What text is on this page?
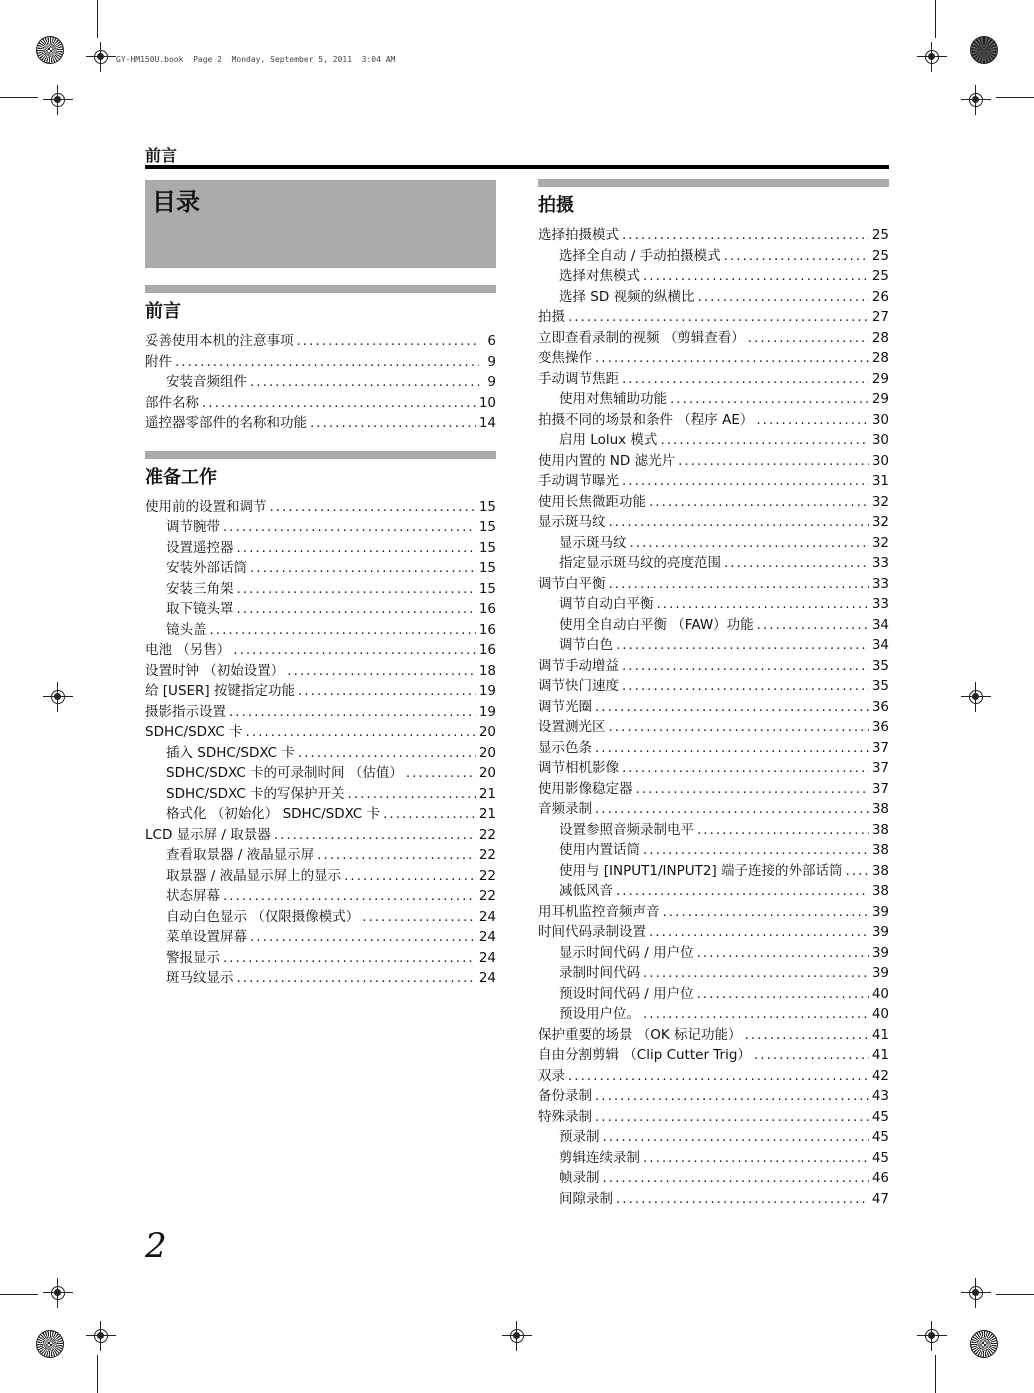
GY-HM150U.book  Page 2  Monday, September 5, 2011  3:04 AM
前言
目录
前言
妥善使用本机的注意事项 .....	6
附件 .....	9
安装音频组件 .....	9
部件名称 .....	10
遥控器零部件的名称和功能 .....	14
准备工作
使用前的设置和调节 .....	15
调节腕带 .....	15
设置遥控器 .....	15
安装外部话筒 .....	15
安装三角架 .....	15
取下镜头罩 .....	16
镜头盖 .....	16
电池 （另售） .....	16
设置时钟 （初始设置） .....	18
给 [USER] 按键指定功能 .....	19
摄影指示设置 .....	19
SDHC/SDXC 卡 .....	20
插入 SDHC/SDXC 卡 .....	20
SDHC/SDXC 卡的可录制时间 （估值） .....	20
SDHC/SDXC 卡的写保护开关 .....	21
格式化 （初始化） SDHC/SDXC 卡 .....	21
LCD 显示屏 / 取景器 .....	22
查看取景器 / 液晶显示屏 .....	22
取景器 / 液晶显示屏上的显示 .....	22
状态屏幕 .....	22
自动白色显示 （仅限摄像模式） .....	24
菜单设置屏幕 .....	24
警报显示 .....	24
斑马纹显示 .....	24
拍摄
选择拍摄模式 .....	25
选择全自动 / 手动拍摄模式 .....	25
选择对焦模式 .....	25
选择 SD 视频的纵横比 .....	26
拍摄 .....	27
立即查看录制的视频 （剪辑查看） .....	28
变焦操作 .....	28
手动调节焦距 .....	29
使用对焦辅助功能 .....	29
拍摄不同的场景和条件 （程序 AE） .....	30
启用 Lolux 模式 .....	30
使用内置的 ND 滤光片 .....	30
手动调节曝光 .....	31
使用长焦微距功能 .....	32
显示斑马纹 .....	32
显示斑马纹 .....	32
指定显示斑马纹的亮度范围 .....	33
调节白平衡 .....	33
调节自动白平衡 .....	33
使用全自动白平衡 （FAW）功能 .....	34
调节白色 .....	34
调节手动增益 .....	35
调节快门速度 .....	35
调节光圈 .....	36
设置测光区 .....	36
显示色条 .....	37
调节相机影像 .....	37
使用影像稳定器 .....	37
音频录制 .....	38
设置参照音频录制电平 .....	38
使用内置话筒 .....	38
使用与 [INPUT1/INPUT2] 端子连接的外部话筒 ..... 38
减低风音 .....	38
用耳机监控音频声音 .....	39
时间代码录制设置 .....	39
显示时间代码 / 用户位 .....	39
录制时间代码 .....	39
预设时间代码 / 用户位 .....	40
预设用户位。 .....	40
保护重要的场景 （OK 标记功能） .....	41
自由分割剪辑 （Clip Cutter Trig） .....	41
双录 .....	42
备份录制 .....	43
特殊录制 .....	45
预录制 .....	45
剪辑连续录制 .....	45
帧录制 .....	46
间隙录制 .....	47
2
